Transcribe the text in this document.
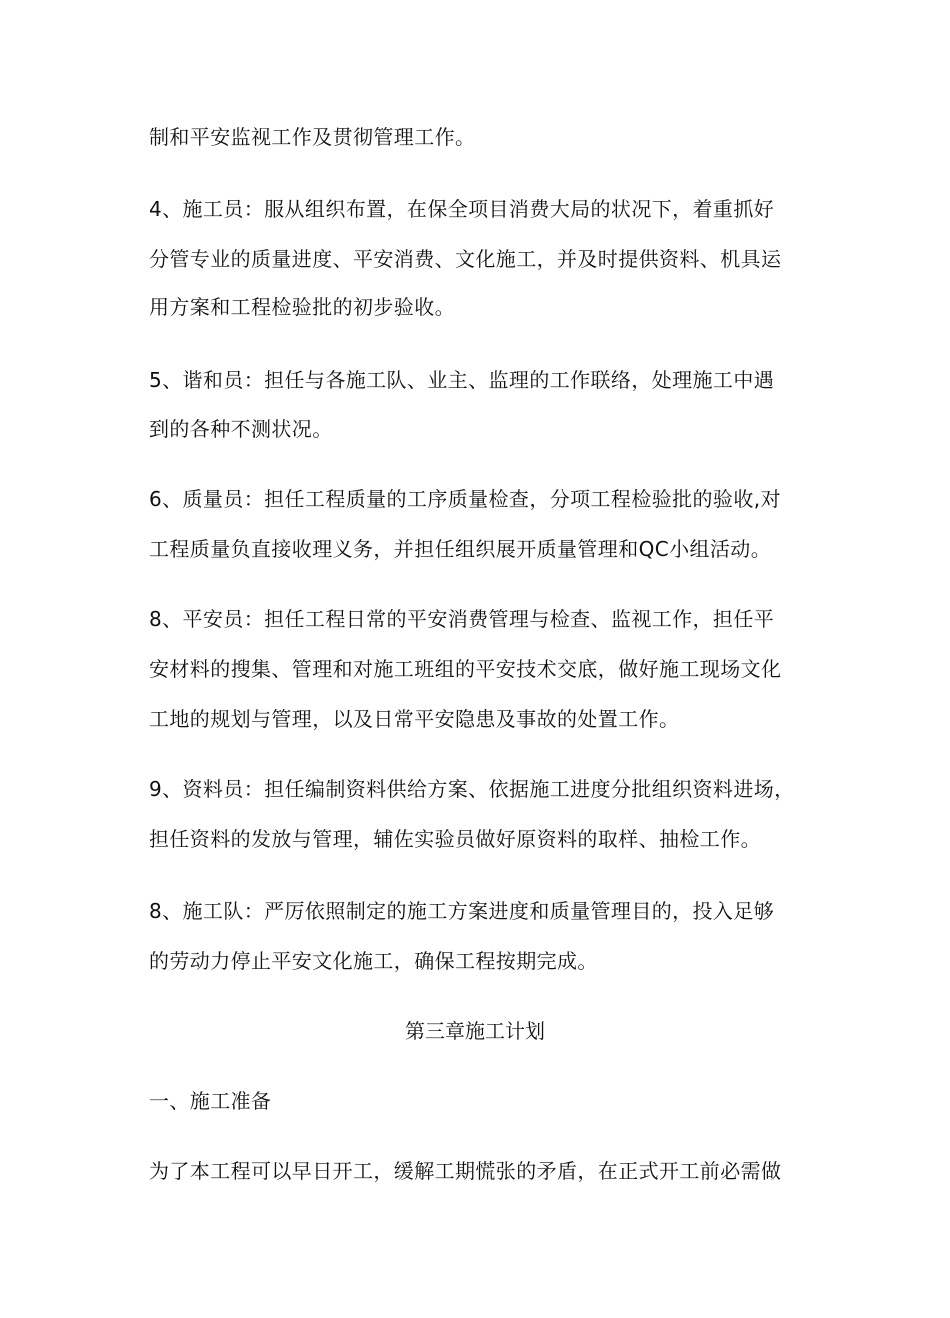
制和平安监视工作及贯彻管理工作。
4、施工员：服从组织布置，在保全项目消费大局的状况下，着重抓好
分管专业的质量进度、平安消费、文化施工，并及时提供资料、机具运
用方案和工程检验批的初步验收。
5、谐和员：担任与各施工队、业主、监理的工作联络，处理施工中遇
到的各种不测状况。
6、质量员：担任工程质量的工序质量检查，分项工程检验批的验收,对
工程质量负直接收理义务，并担任组织展开质量管理和QC小组活动。
8、平安员：担任工程日常的平安消费管理与检查、监视工作，担任平
安材料的搜集、管理和对施工班组的平安技术交底，做好施工现场文化
工地的规划与管理，以及日常平安隐患及事故的处置工作。
9、资料员：担任编制资料供给方案、依据施工进度分批组织资料进场，
担任资料的发放与管理，辅佐实验员做好原资料的取样、抽检工作。
8、施工队：严厉依照制定的施工方案进度和质量管理目的，投入足够
的劳动力停止平安文化施工，确保工程按期完成。
第三章施工计划
一、施工准备
为了本工程可以早日开工，缓解工期慌张的矛盾，在正式开工前必需做
